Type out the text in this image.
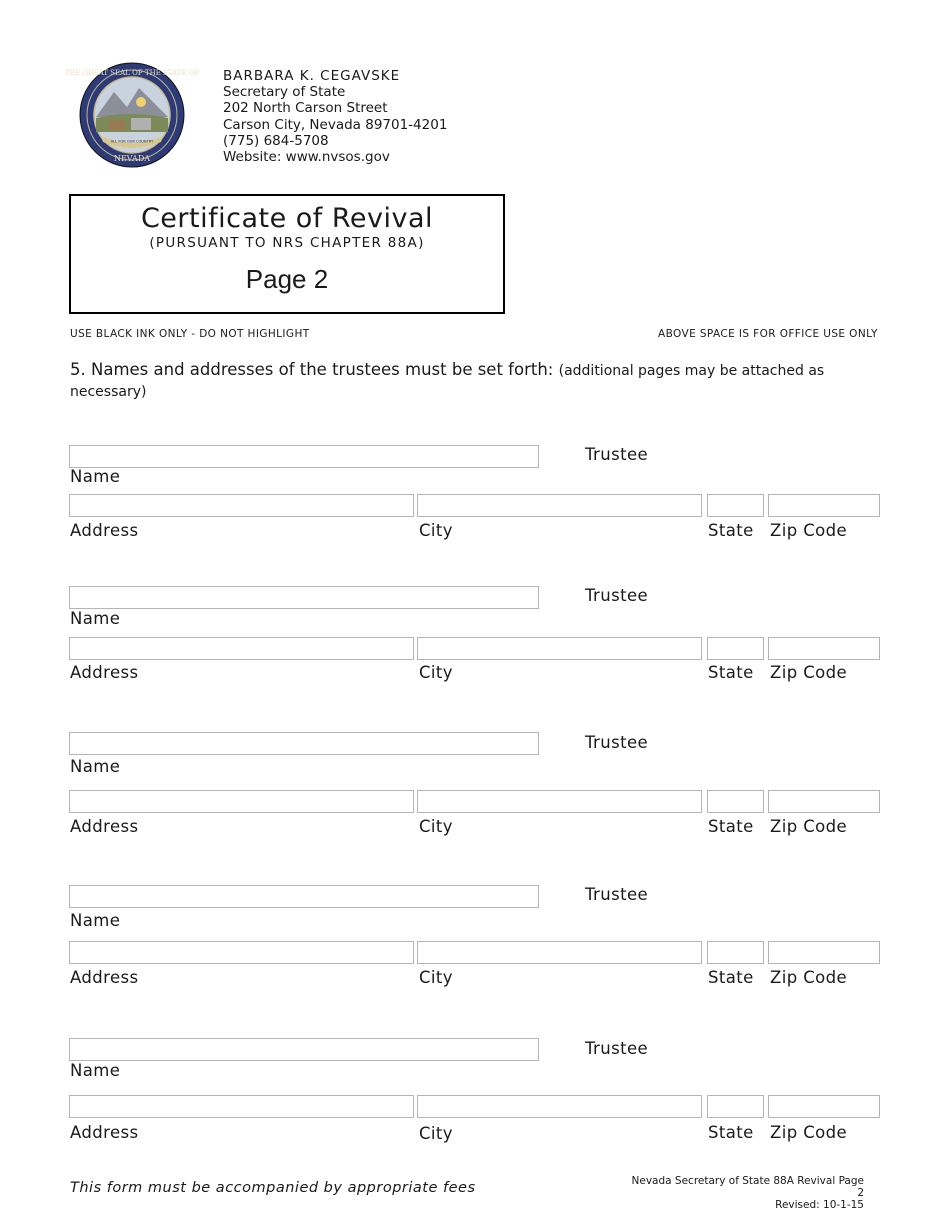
THE GREAT SEAL OF THE STATE OF
NEVADA
ALL FOR OUR COUNTRY
BARBARA K. CEGAVSKE
Secretary of State
202 North Carson Street
Carson City, Nevada 89701-4201
(775) 684-5708
Website: www.nvsos.gov
Certificate of Revival
(PURSUANT TO NRS CHAPTER 88A)
Page 2
USE BLACK INK ONLY - DO NOT HIGHLIGHT	ABOVE SPACE IS FOR OFFICE USE ONLY
5. Names and addresses of the trustees must be set forth: (additional pages may be attached as necessary)
Trustee
Name
Address	City	State Zip Code
Trustee
Name
Address	City	State Zip Code
Trustee
Name
Address	City	State Zip Code
Trustee
Name
Address	City	State Zip Code
Trustee
Name
Address	City	State Zip Code
This form must be accompanied by appropriate fees	Nevada Secretary of State 88A Revival Page 2
Revised: 10-1-15
